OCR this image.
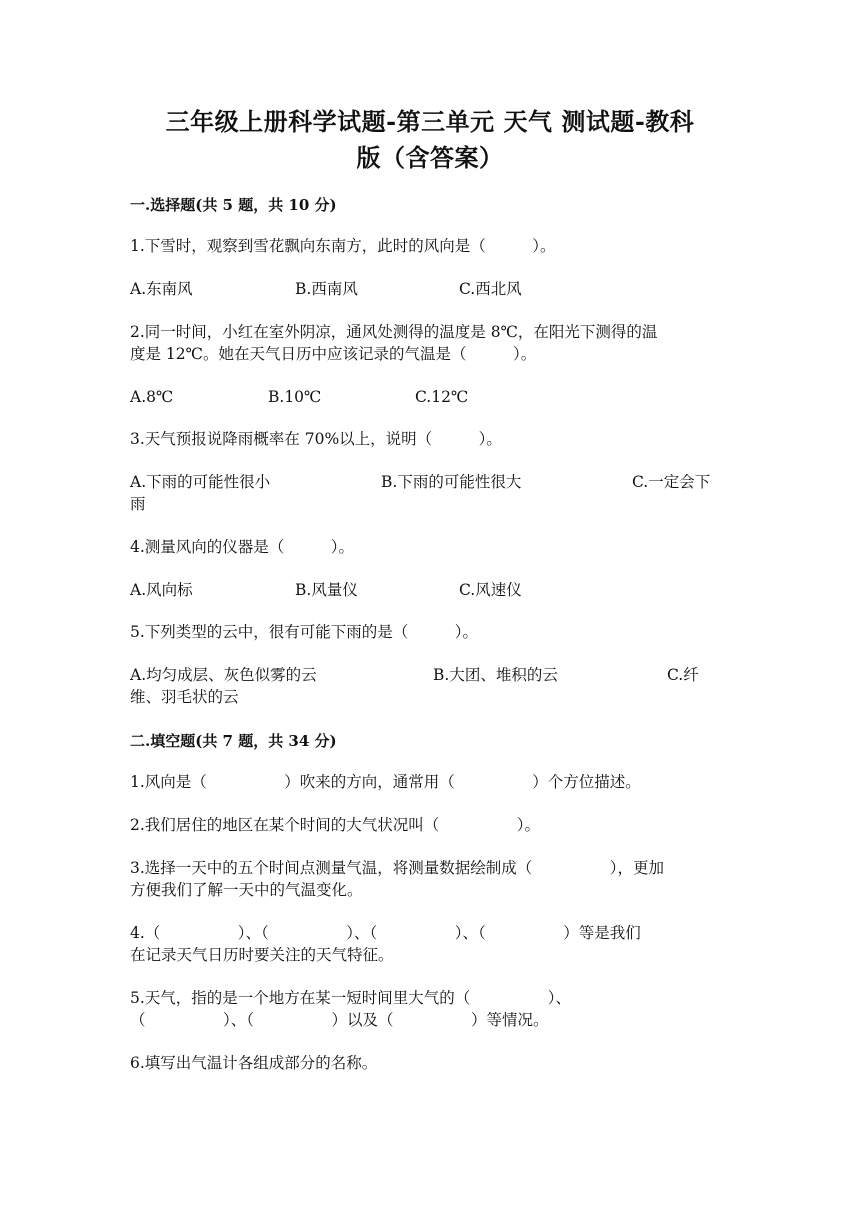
三年级上册科学试题-第三单元 天气 测试题-教科
版（含答案）
一.选择题(共 5 题，共 10 分)
1.下雪时，观察到雪花飘向东南方，此时的风向是（　　　）。
A.东南风	B.西南风	C.西北风
2.同一时间，小红在室外阴凉，通风处测得的温度是 8℃，在阳光下测得的温
度是 12℃。她在天气日历中应该记录的气温是（　　　）。
A.8℃	B.10℃	C.12℃
3.天气预报说降雨概率在 70%以上，说明（　　　）。
A.下雨的可能性很小	B.下雨的可能性很大	C.一定会下
雨
4.测量风向的仪器是（　　　）。
A.风向标	B.风量仪	C.风速仪
5.下列类型的云中，很有可能下雨的是（　　　）。
A.均匀成层、灰色似雾的云	B.大团、堆积的云	C.纤
维、羽毛状的云
二.填空题(共 7 题，共 34 分)
1.风向是（　　　　　）吹来的方向，通常用（　　　　　）个方位描述。
2.我们居住的地区在某个时间的大气状况叫（　　　　　）。
3.选择一天中的五个时间点测量气温，将测量数据绘制成（　　　　　），更加
方便我们了解一天中的气温变化。
4.（　　　　　）、（　　　　　）、（　　　　　）、（　　　　　）等是我们
在记录天气日历时要关注的天气特征。
5.天气，指的是一个地方在某一短时间里大气的（　　　　　）、
（　　　　　）、（　　　　　）以及（　　　　　）等情况。
6.填写出气温计各组成部分的名称。
